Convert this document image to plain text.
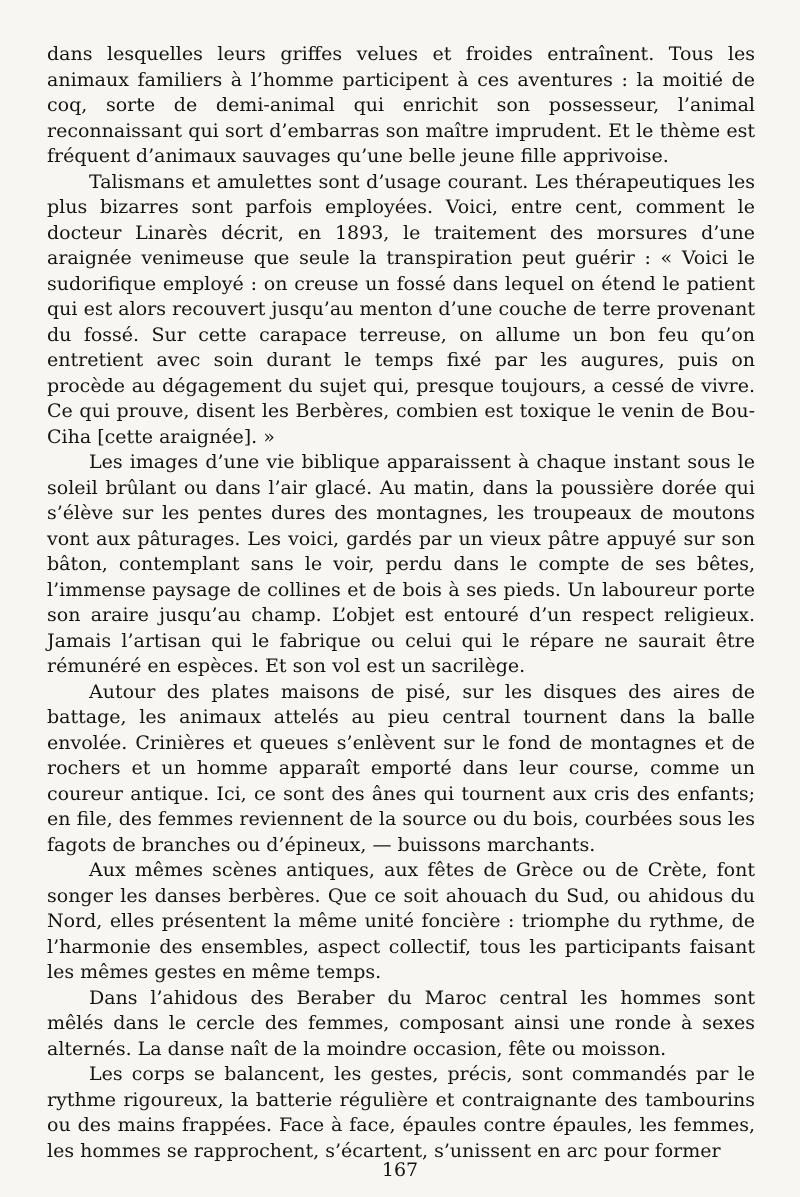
dans lesquelles leurs griffes velues et froides entraînent. Tous les animaux familiers à l’homme participent à ces aventures : la moitié de coq, sorte de demi-animal qui enrichit son possesseur, l’animal reconnaissant qui sort d’embarras son maître imprudent. Et le thème est fréquent d’animaux sauvages qu’une belle jeune fille apprivoise.

Talismans et amulettes sont d’usage courant. Les thérapeutiques les plus bizarres sont parfois employées. Voici, entre cent, comment le docteur Linarès décrit, en 1893, le traitement des morsures d’une araignée venimeuse que seule la transpiration peut guérir : « Voici le sudorifique employé : on creuse un fossé dans lequel on étend le patient qui est alors recouvert jusqu’au menton d’une couche de terre provenant du fossé. Sur cette carapace terreuse, on allume un bon feu qu’on entretient avec soin durant le temps fixé par les augures, puis on procède au dégagement du sujet qui, presque toujours, a cessé de vivre. Ce qui prouve, disent les Berbères, combien est toxique le venin de Bou-Ciha [cette araignée]. »

Les images d’une vie biblique apparaissent à chaque instant sous le soleil brûlant ou dans l’air glacé. Au matin, dans la poussière dorée qui s’élève sur les pentes dures des montagnes, les troupeaux de moutons vont aux pâturages. Les voici, gardés par un vieux pâtre appuyé sur son bâton, contemplant sans le voir, perdu dans le compte de ses bêtes, l’immense paysage de collines et de bois à ses pieds. Un laboureur porte son araire jusqu’au champ. L’objet est entouré d’un respect religieux. Jamais l’artisan qui le fabrique ou celui qui le répare ne saurait être rémunéré en espèces. Et son vol est un sacrilège.

Autour des plates maisons de pisé, sur les disques des aires de battage, les animaux attelés au pieu central tournent dans la balle envolée. Crinières et queues s’enlèvent sur le fond de montagnes et de rochers et un homme apparaît emporté dans leur course, comme un coureur antique. Ici, ce sont des ânes qui tournent aux cris des enfants; en file, des femmes reviennent de la source ou du bois, courbées sous les fagots de branches ou d’épineux, — buissons marchants.

Aux mêmes scènes antiques, aux fêtes de Grèce ou de Crète, font songer les danses berbères. Que ce soit ahouach du Sud, ou ahidous du Nord, elles présentent la même unité foncière : triomphe du rythme, de l’harmonie des ensembles, aspect collectif, tous les participants faisant les mêmes gestes en même temps.

Dans l’ahidous des Beraber du Maroc central les hommes sont mêlés dans le cercle des femmes, composant ainsi une ronde à sexes alternés. La danse naît de la moindre occasion, fête ou moisson.

Les corps se balancent, les gestes, précis, sont commandés par le rythme rigoureux, la batterie régulière et contraignante des tambourins ou des mains frappées. Face à face, épaules contre épaules, les femmes, les hommes se rapprochent, s’écartent, s’unissent en arc pour former

167
